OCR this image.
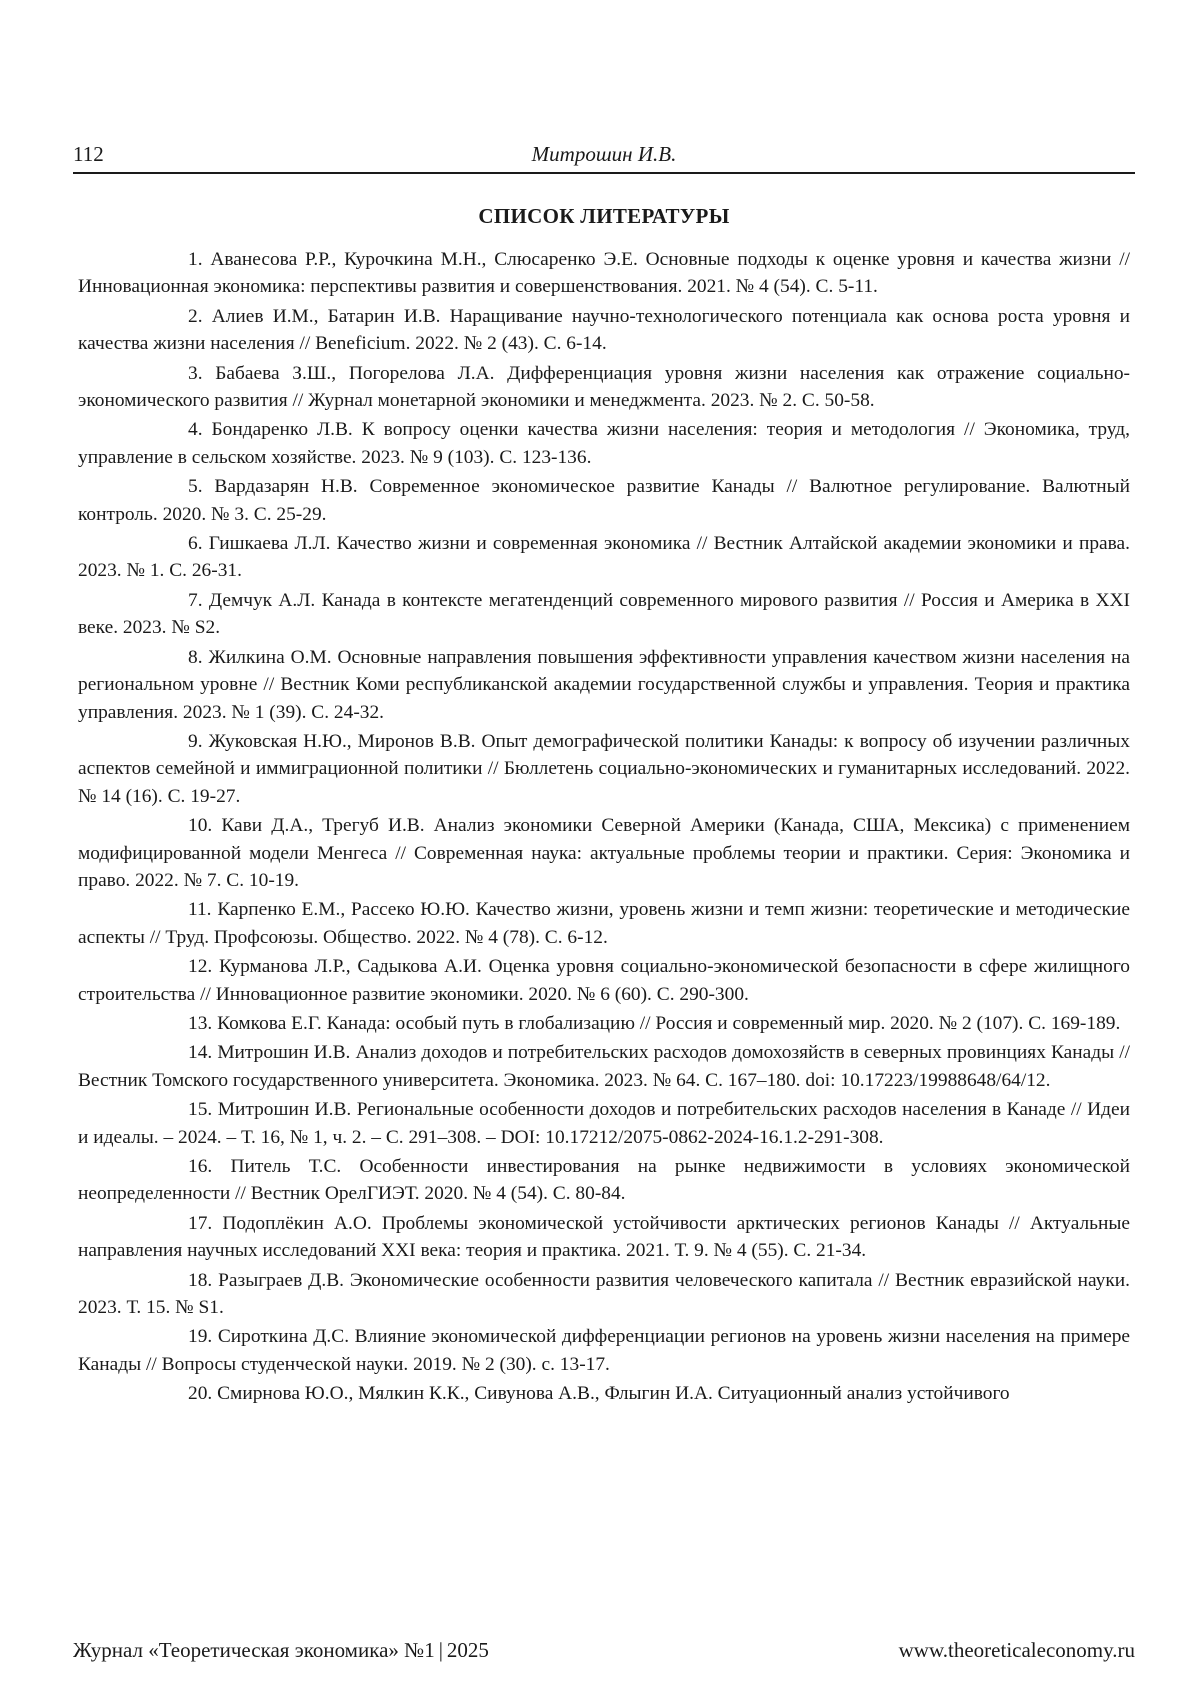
112	Митрошин И.В.
СПИСОК ЛИТЕРАТУРЫ
1. Аванесова Р.Р., Курочкина М.Н., Слюсаренко Э.Е. Основные подходы к оценке уровня и качества жизни // Инновационная экономика: перспективы развития и совершенствования. 2021. № 4 (54). С. 5-11.
2. Алиев И.М., Батарин И.В. Наращивание научно-технологического потенциала как основа роста уровня и качества жизни населения // Beneficium. 2022. № 2 (43). С. 6-14.
3. Бабаева З.Ш., Погорелова Л.А. Дифференциация уровня жизни населения как отражение социально-экономического развития // Журнал монетарной экономики и менеджмента. 2023. № 2. С. 50-58.
4. Бондаренко Л.В. К вопросу оценки качества жизни населения: теория и методология // Экономика, труд, управление в сельском хозяйстве. 2023. № 9 (103). С. 123-136.
5. Вардазарян Н.В. Современное экономическое развитие Канады // Валютное регулирование. Валютный контроль. 2020. № 3. С. 25-29.
6. Гишкаева Л.Л. Качество жизни и современная экономика // Вестник Алтайской академии экономики и права. 2023. № 1. С. 26-31.
7. Демчук А.Л. Канада в контексте мегатенденций современного мирового развития // Россия и Америка в XXI веке. 2023. № S2.
8. Жилкина О.М. Основные направления повышения эффективности управления качеством жизни населения на региональном уровне // Вестник Коми республиканской академии государственной службы и управления. Теория и практика управления. 2023. № 1 (39). С. 24-32.
9. Жуковская Н.Ю., Миронов В.В. Опыт демографической политики Канады: к вопросу об изучении различных аспектов семейной и иммиграционной политики // Бюллетень социально-экономических и гуманитарных исследований. 2022. № 14 (16). С. 19-27.
10. Кави Д.А., Трегуб И.В. Анализ экономики Северной Америки (Канада, США, Мексика) с применением модифицированной модели Менгеса // Современная наука: актуальные проблемы теории и практики. Серия: Экономика и право. 2022. № 7. С. 10-19.
11. Карпенко Е.М., Рассеко Ю.Ю. Качество жизни, уровень жизни и темп жизни: теоретические и методические аспекты // Труд. Профсоюзы. Общество. 2022. № 4 (78). С. 6-12.
12. Курманова Л.Р., Садыкова А.И. Оценка уровня социально-экономической безопасности в сфере жилищного строительства // Инновационное развитие экономики. 2020. № 6 (60). С. 290-300.
13. Комкова Е.Г. Канада: особый путь в глобализацию // Россия и современный мир. 2020. № 2 (107). С. 169-189.
14. Митрошин И.В. Анализ доходов и потребительских расходов домохозяйств в северных провинциях Канады // Вестник Томского государственного университета. Экономика. 2023. № 64. С. 167–180. doi: 10.17223/19988648/64/12.
15. Митрошин И.В. Региональные особенности доходов и потребительских расходов населения в Канаде // Идеи и идеалы. – 2024. – Т. 16, № 1, ч. 2. – С. 291–308. – DOI: 10.17212/2075-0862-2024-16.1.2-291-308.
16. Питель Т.С. Особенности инвестирования на рынке недвижимости в условиях экономической неопределенности // Вестник ОрелГИЭТ. 2020. № 4 (54). С. 80-84.
17. Подоплёкин А.О. Проблемы экономической устойчивости арктических регионов Канады // Актуальные направления научных исследований XXI века: теория и практика. 2021. Т. 9. № 4 (55). С. 21-34.
18. Разыграев Д.В. Экономические особенности развития человеческого капитала // Вестник евразийской науки. 2023. Т. 15. № S1.
19. Сироткина Д.С. Влияние экономической дифференциации регионов на уровень жизни населения на примере Канады // Вопросы студенческой науки. 2019. № 2 (30). с. 13-17.
20. Смирнова Ю.О., Мялкин К.К., Сивунова А.В., Флыгин И.А. Ситуационный анализ устойчивого
Журнал «Теоретическая экономика» №1 | 2025	www.theoreticaleconomy.ru
